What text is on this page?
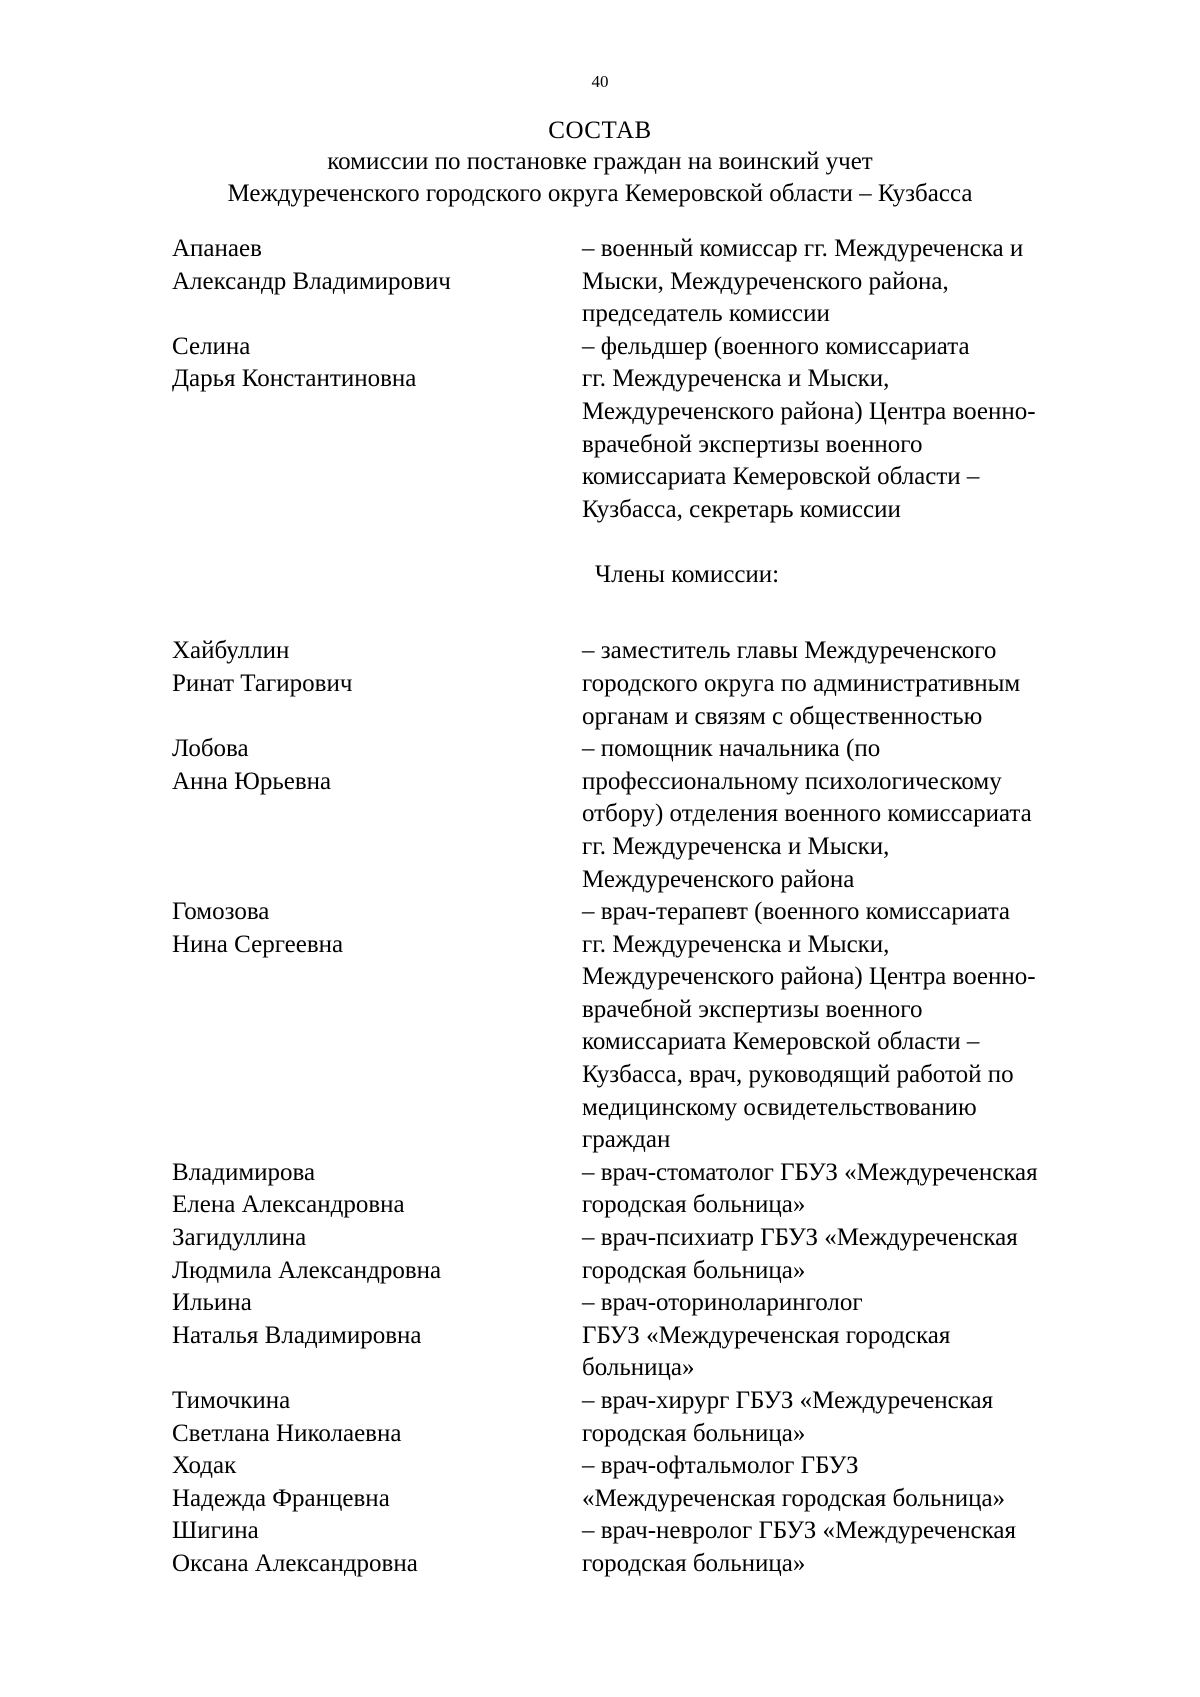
40
СОСТАВ
комиссии по постановке граждан на воинский учет
Междуреченского городского округа Кемеровской области – Кузбасса
Апанаев
Александр Владимирович
– военный комиссар гг. Междуреченска и
Мыски, Междуреченского района,
председатель комиссии
Селина
Дарья Константиновна
– фельдшер (военного комиссариата
гг. Междуреченска и Мыски,
Междуреченского района) Центра военно-
врачебной экспертизы военного
комиссариата Кемеровской области –
Кузбасса, секретарь комиссии
Члены комиссии:
Хайбуллин
Ринат Тагирович
– заместитель главы Междуреченского
городского округа по административным
органам и связям с общественностью
Лобова
Анна Юрьевна
– помощник начальника (по
профессиональному психологическому
отбору) отделения военного комиссариата
гг. Междуреченска и Мыски,
Междуреченского района
Гомозова
Нина Сергеевна
– врач-терапевт (военного комиссариата
гг. Междуреченска и Мыски,
Междуреченского района) Центра военно-
врачебной экспертизы военного
комиссариата Кемеровской области –
Кузбасса, врач, руководящий работой по
медицинскому освидетельствованию
граждан
Владимирова
Елена Александровна
– врач-стоматолог ГБУЗ «Междуреченская
городская больница»
Загидуллина
Людмила Александровна
– врач-психиатр ГБУЗ «Междуреченская
городская больница»
Ильина
Наталья Владимировна
– врач-оториноларинголог
ГБУЗ «Междуреченская городская
больница»
Тимочкина
Светлана Николаевна
– врач-хирург ГБУЗ «Междуреченская
городская больница»
Ходак
Надежда Францевна
– врач-офтальмолог ГБУЗ
«Междуреченская городская больница»
Шигина
Оксана Александровна
– врач-невролог ГБУЗ «Междуреченская
городская больница»
